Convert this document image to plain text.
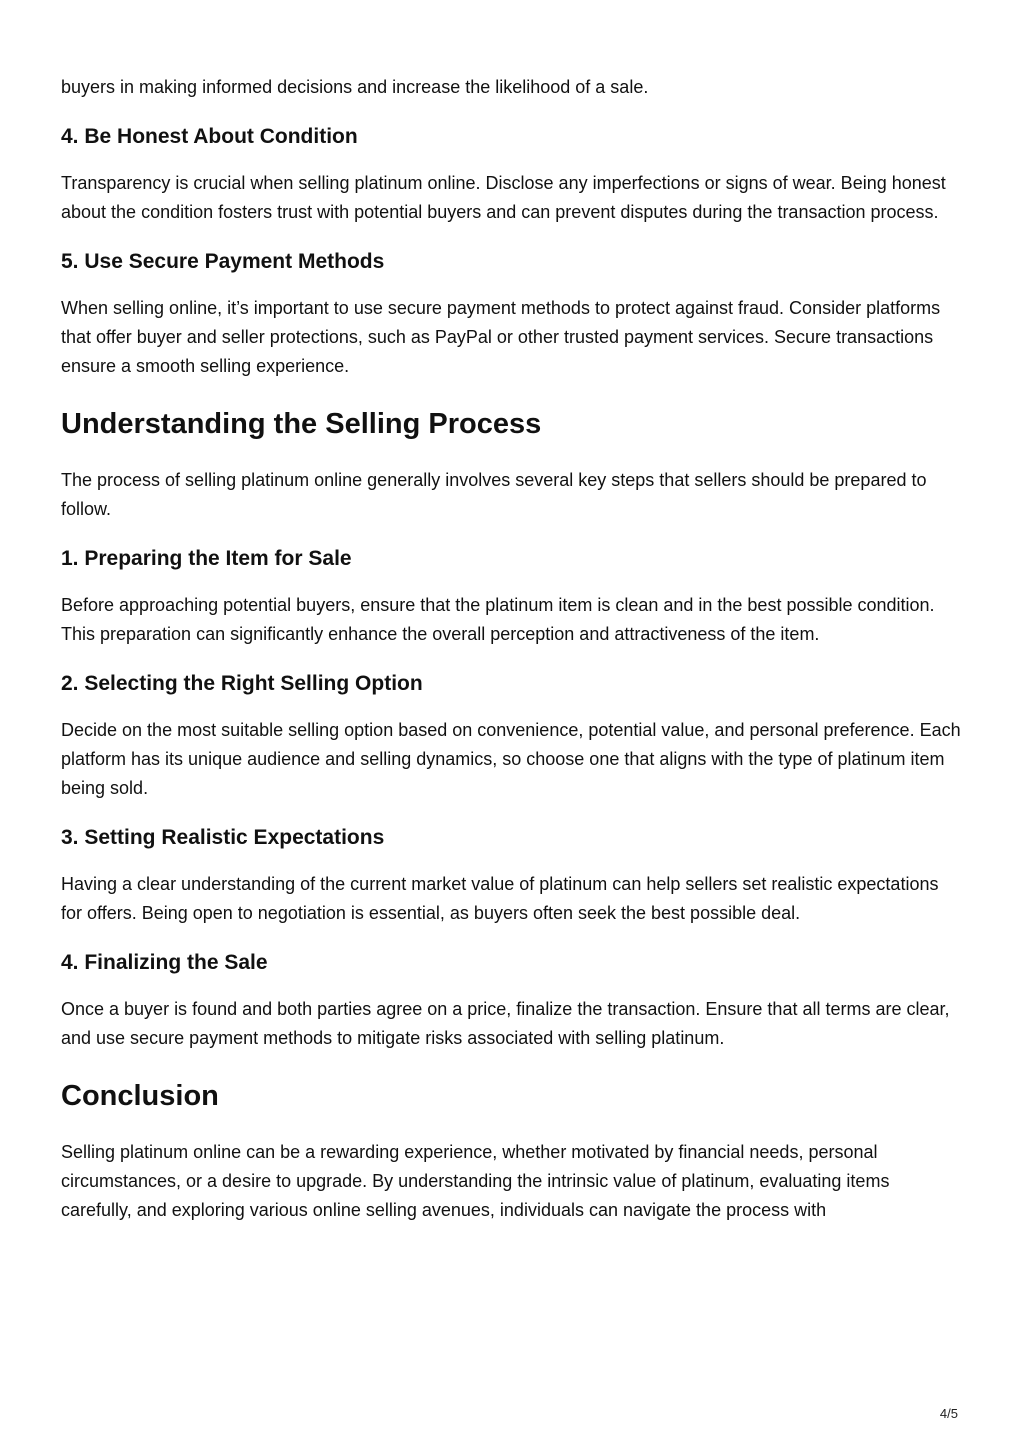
buyers in making informed decisions and increase the likelihood of a sale.

4. Be Honest About Condition

Transparency is crucial when selling platinum online. Disclose any imperfections or signs of wear. Being honest about the condition fosters trust with potential buyers and can prevent disputes during the transaction process.

5. Use Secure Payment Methods

When selling online, it’s important to use secure payment methods to protect against fraud. Consider platforms that offer buyer and seller protections, such as PayPal or other trusted payment services. Secure transactions ensure a smooth selling experience.

Understanding the Selling Process

The process of selling platinum online generally involves several key steps that sellers should be prepared to follow.

1. Preparing the Item for Sale

Before approaching potential buyers, ensure that the platinum item is clean and in the best possible condition. This preparation can significantly enhance the overall perception and attractiveness of the item.

2. Selecting the Right Selling Option

Decide on the most suitable selling option based on convenience, potential value, and personal preference. Each platform has its unique audience and selling dynamics, so choose one that aligns with the type of platinum item being sold.

3. Setting Realistic Expectations

Having a clear understanding of the current market value of platinum can help sellers set realistic expectations for offers. Being open to negotiation is essential, as buyers often seek the best possible deal.

4. Finalizing the Sale

Once a buyer is found and both parties agree on a price, finalize the transaction. Ensure that all terms are clear, and use secure payment methods to mitigate risks associated with selling platinum.

Conclusion

Selling platinum online can be a rewarding experience, whether motivated by financial needs, personal circumstances, or a desire to upgrade. By understanding the intrinsic value of platinum, evaluating items carefully, and exploring various online selling avenues, individuals can navigate the process with

4/5
